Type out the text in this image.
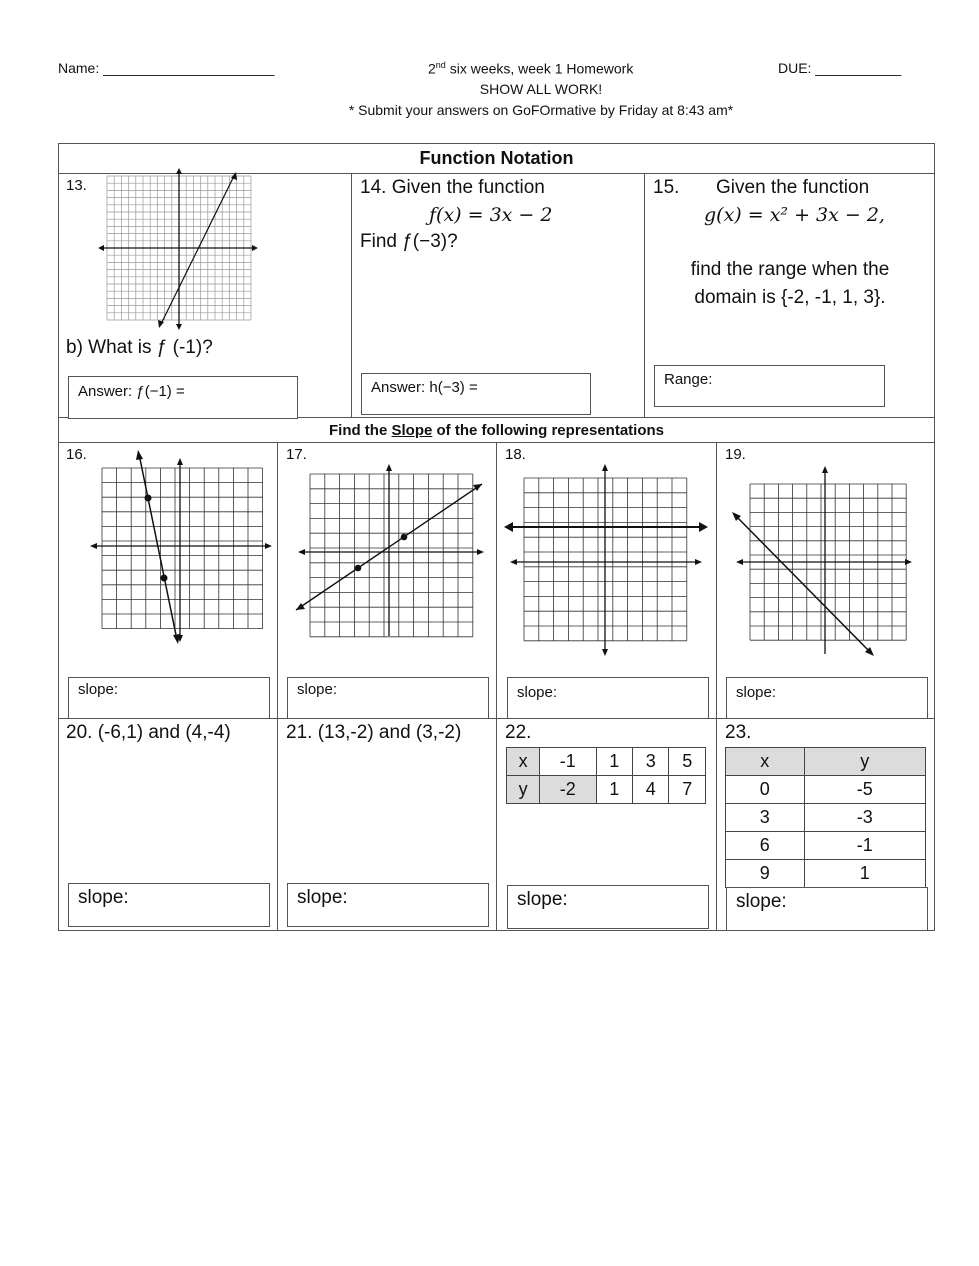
Name: ______________________	2nd six weeks, week 1 Homework	DUE: ___________
SHOW ALL WORK!
* Submit your answers on GoFOrmative by Friday at 8:43 am*
Function Notation
13.
b) What is ƒ (-1)?
Answer: ƒ(−1) =
14. Given the function
ƒ(x) = 3x − 2
Find ƒ(−3)?
Answer: h(−3) =
15. Given the function
g(x) = x² + 3x − 2,
find the range when the
domain is {-2, -1, 1, 3}.
Range:
Find the Slope of the following representations
16.
slope:
17.
slope:
18.
slope:
19.
slope:
20. (-6,1) and (4,-4)
slope:
21. (13,-2) and (3,-2)
slope:
22.
x	-1	1	3	5
y	-2	1	4	7
slope:
23.
x	y
0	-5
3	-3
6	-1
9	1
slope:
